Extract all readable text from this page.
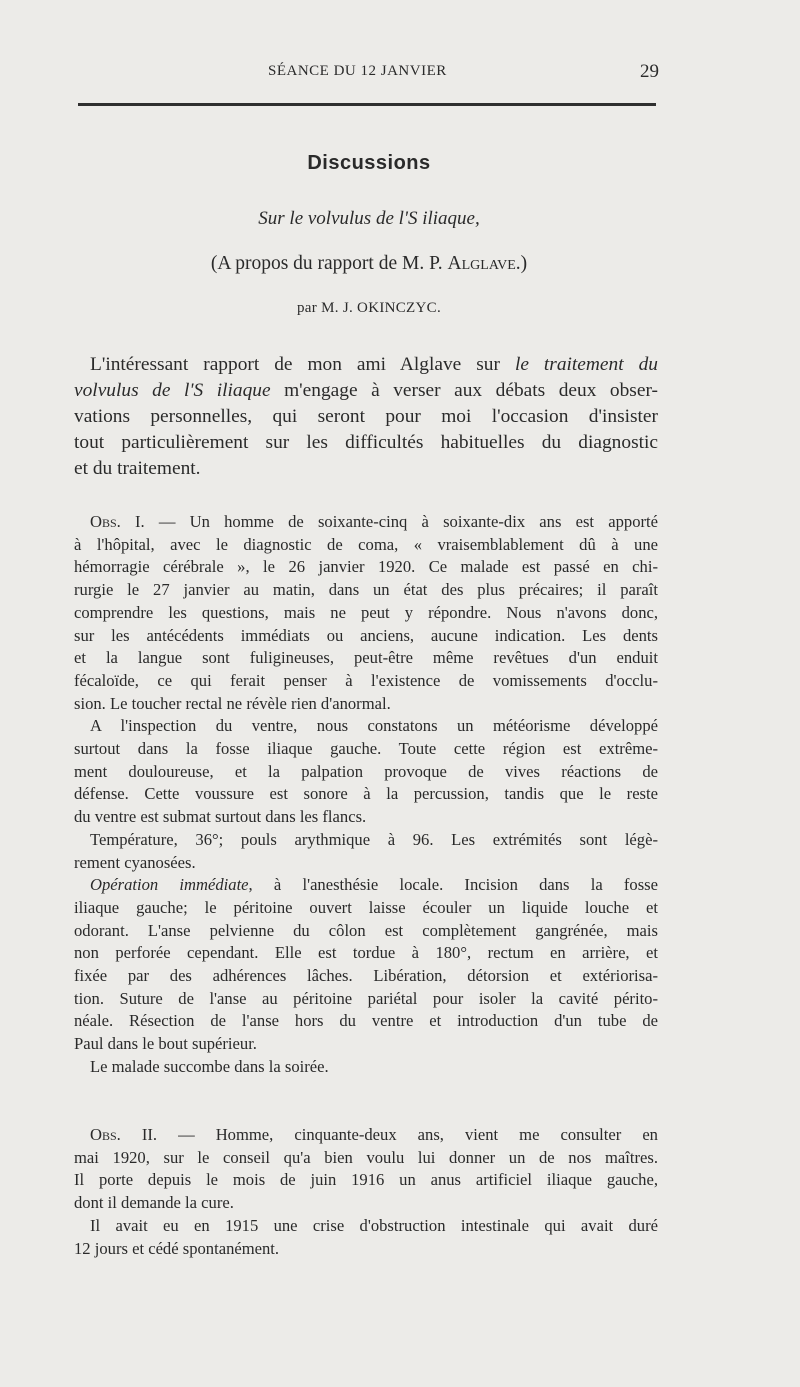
SÉANCE DU 12 JANVIER	29
Discussions
Sur le volvulus de l'S iliaque,
(A propos du rapport de M. P. Alglave.)
par M. J. OKINCZYC.
L'intéressant rapport de mon ami Alglave sur le traitement du
volvulus de l'S iliaque m'engage à verser aux débats deux obser-
vations personnelles, qui seront pour moi l'occasion d'insister
tout particulièrement sur les difficultés habituelles du diagnostic
et du traitement.
Obs. I. — Un homme de soixante-cinq à soixante-dix ans est apporté
à l'hôpital, avec le diagnostic de coma, « vraisemblablement dû à une
hémorragie cérébrale », le 26 janvier 1920. Ce malade est passé en chi-
rurgie le 27 janvier au matin, dans un état des plus précaires; il paraît
comprendre les questions, mais ne peut y répondre. Nous n'avons donc,
sur les antécédents immédiats ou anciens, aucune indication. Les dents
et la langue sont fuligineuses, peut-être même revêtues d'un enduit
fécaloïde, ce qui ferait penser à l'existence de vomissements d'occlu-
sion. Le toucher rectal ne révèle rien d'anormal.
A l'inspection du ventre, nous constatons un météorisme développé
surtout dans la fosse iliaque gauche. Toute cette région est extrême-
ment douloureuse, et la palpation provoque de vives réactions de
défense. Cette voussure est sonore à la percussion, tandis que le reste
du ventre est submat surtout dans les flancs.
Température, 36°; pouls arythmique à 96. Les extrémités sont légè-
rement cyanosées.
Opération immédiate, à l'anesthésie locale. Incision dans la fosse
iliaque gauche; le péritoine ouvert laisse écouler un liquide louche et
odorant. L'anse pelvienne du côlon est complètement gangrénée, mais
non perforée cependant. Elle est tordue à 180°, rectum en arrière, et
fixée par des adhérences lâches. Libération, détorsion et extériorisa-
tion. Suture de l'anse au péritoine pariétal pour isoler la cavité périto-
néale. Résection de l'anse hors du ventre et introduction d'un tube de
Paul dans le bout supérieur.
Le malade succombe dans la soirée.
Obs. II. — Homme, cinquante-deux ans, vient me consulter en
mai 1920, sur le conseil qu'a bien voulu lui donner un de nos maîtres.
Il porte depuis le mois de juin 1916 un anus artificiel iliaque gauche,
dont il demande la cure.
Il avait eu en 1915 une crise d'obstruction intestinale qui avait duré
12 jours et cédé spontanément.
